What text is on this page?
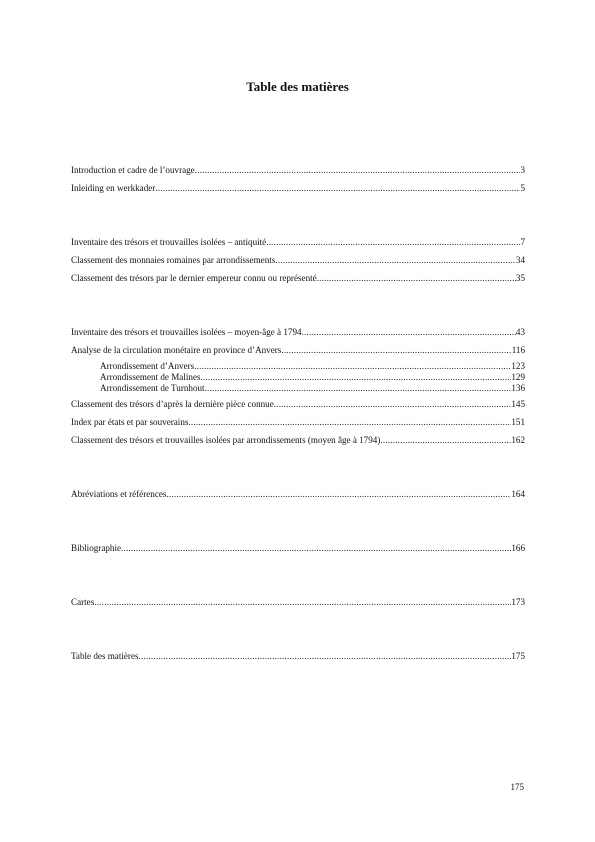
Table des matières
Introduction et cadre de l’ouvrage .....	3
Inleiding en werkkader .....	5
Inventaire des trésors et trouvailles isolées – antiquité .....	7
Classement des monnaies romaines par arrondissements .....	34
Classement des trésors par le dernier empereur connu ou représenté .....	35
Inventaire des trésors et trouvailles isolées – moyen-âge à 1794 .....	43
Analyse de la circulation monétaire en province d’Anvers .....	116
Arrondissement d’Anvers .....	123
Arrondissement de Malines .....	129
Arrondissement de Turnhout .....	136
Classement des trésors d’après la dernière pièce connue .....	145
Index par états et par souverains .....	151
Classement des trésors et trouvailles isolées par arrondissements (moyen âge à 1794) .....	162
Abréviations et références .....	164
Bibliographie .....	166
Cartes .....	173
Table des matières .....	175
175
